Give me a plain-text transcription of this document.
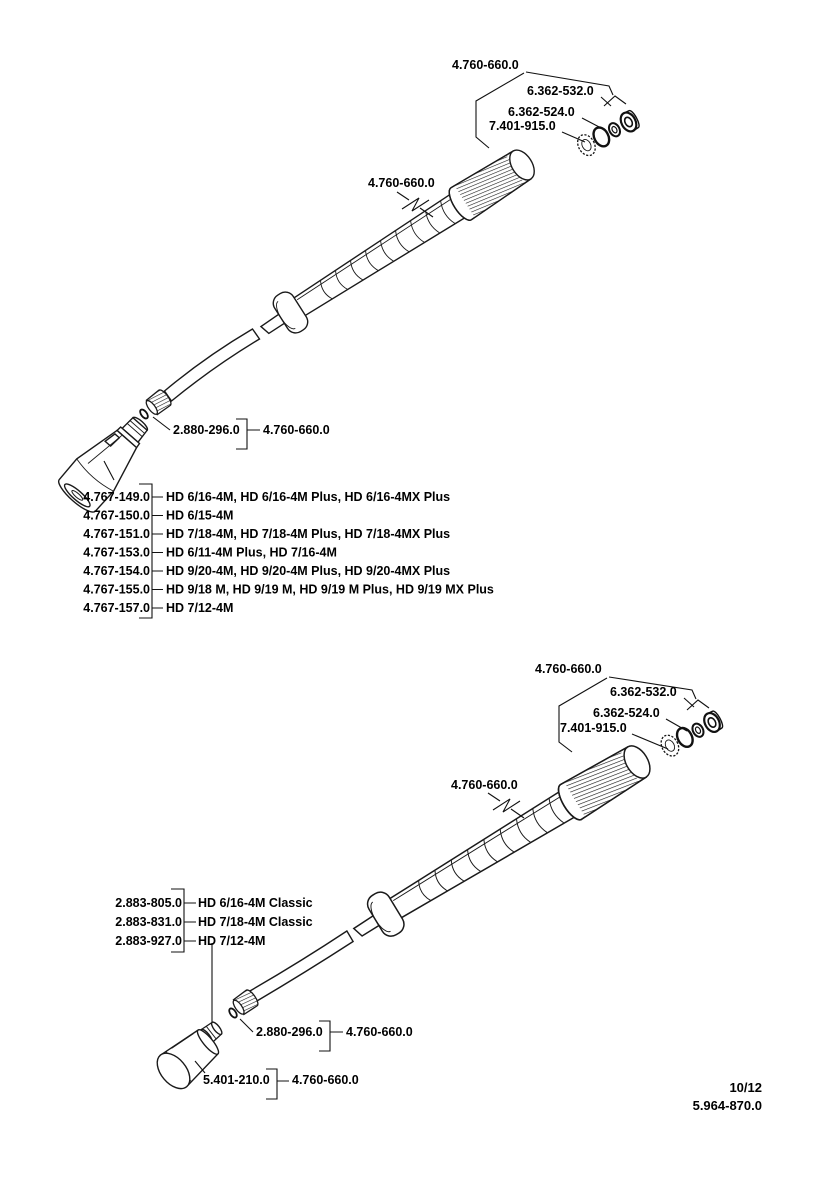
4.760-660.0
6.362-532.0
6.362-524.0
7.401-915.0
4.760-660.0
2.880-296.0 4.760-660.0
4.767-149.0 HD 6/16-4M, HD 6/16-4M Plus, HD 6/16-4MX Plus
4.767-150.0 HD 6/15-4M
4.767-151.0 HD 7/18-4M, HD 7/18-4M Plus, HD 7/18-4MX Plus
4.767-153.0 HD 6/11-4M Plus, HD 7/16-4M
4.767-154.0 HD 9/20-4M, HD 9/20-4M Plus, HD 9/20-4MX Plus
4.767-155.0 HD 9/18 M, HD 9/19 M, HD 9/19 M Plus, HD 9/19 MX Plus
4.767-157.0 HD 7/12-4M
4.760-660.0
6.362-532.0
6.362-524.0
7.401-915.0
4.760-660.0
2.880-296.0 4.760-660.0
5.401-210.0 4.760-660.0
2.883-805.0 HD 6/16-4M Classic
2.883-831.0 HD 7/18-4M Classic
2.883-927.0 HD 7/12-4M
10/12
5.964-870.0
